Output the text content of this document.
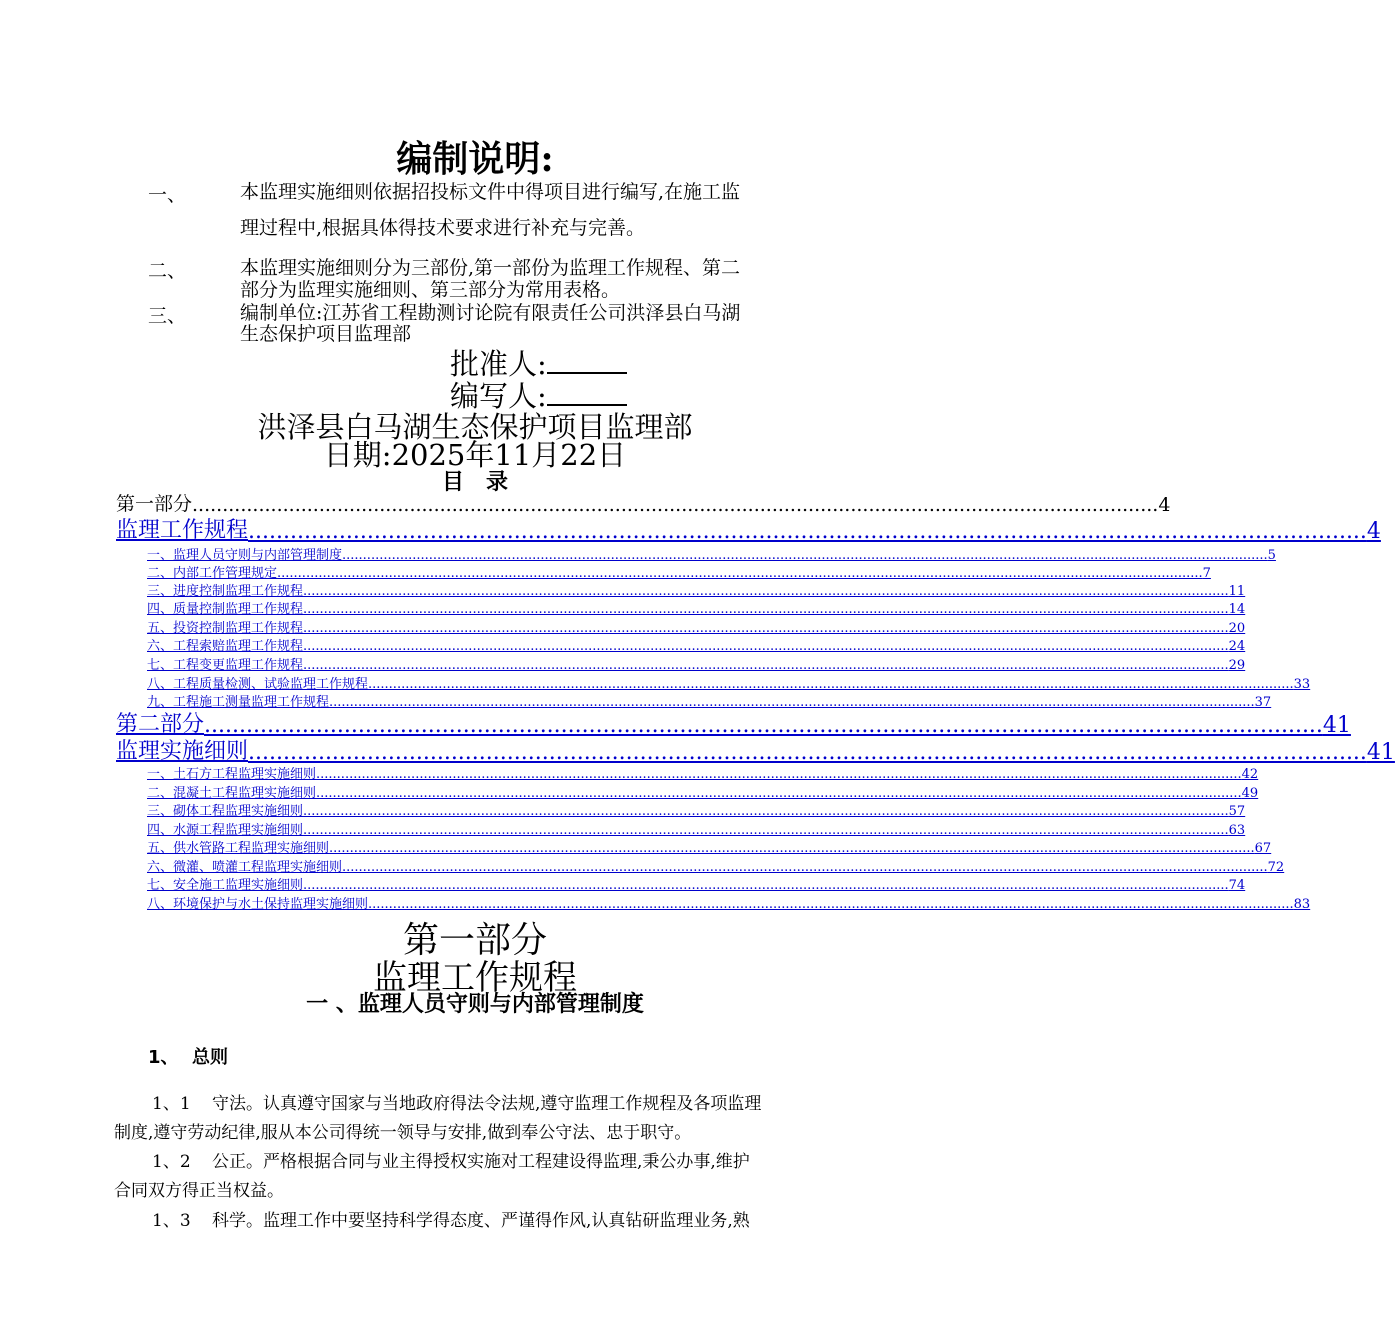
编制说明:
一、	本监理实施细则依据招投标文件中得项目进行编写,在施工监
理过程中,根据具体得技术要求进行补充与完善。
二、	本监理实施细则分为三部份,第一部份为监理工作规程、第二
部分为监理实施细则、第三部分为常用表格。
三、	编制单位:江苏省工程勘测讨论院有限责任公司洪泽县白马湖
生态保护项目监理部
批准人:
编写人:
洪泽县白马湖生态保护项目监理部
日期:2025年11月22日
目　录
第一部分 ................................................................................................................................................................ 4
监理工作规程 ................................................................................................................................................................ 4
一、监理人员守则与内部管理制度 ................................................................................................................................................................................................................................ 5
二、内部工作管理规定 ................................................................................................................................................................................................................................ 7
三、进度控制监理工作规程 ................................................................................................................................................................................................................................ 11
四、质量控制监理工作规程 ................................................................................................................................................................................................................................ 14
五、投资控制监理工作规程 ................................................................................................................................................................................................................................ 20
六、工程索赔监理工作规程 ................................................................................................................................................................................................................................ 24
七、工程变更监理工作规程 ................................................................................................................................................................................................................................ 29
八、工程质量检测、试验监理工作规程 ................................................................................................................................................................................................................................ 33
九、工程施工测量监理工作规程 ................................................................................................................................................................................................................................ 37
第二部分 ................................................................................................................................................................ 41
监理实施细则 ................................................................................................................................................................ 41
一、土石方工程监理实施细则 ................................................................................................................................................................................................................................ 42
二、混凝土工程监理实施细则 ................................................................................................................................................................................................................................ 49
三、砌体工程监理实施细则 ................................................................................................................................................................................................................................ 57
四、水源工程监理实施细则 ................................................................................................................................................................................................................................ 63
五、供水管路工程监理实施细则 ................................................................................................................................................................................................................................ 67
六、微灌、喷灌工程监理实施细则 ................................................................................................................................................................................................................................ 72
七、安全施工监理实施细则 ................................................................................................................................................................................................................................ 74
八、环境保护与水土保持监理实施细则 ................................................................................................................................................................................................................................ 83
第一部分
监理工作规程
一 、监理人员守则与内部管理制度
1、 总则
1、1 守法。认真遵守国家与当地政府得法令法规,遵守监理工作规程及各项监理
制度,遵守劳动纪律,服从本公司得统一领导与安排,做到奉公守法、忠于职守。
1、2 公正。严格根据合同与业主得授权实施对工程建设得监理,秉公办事,维护
合同双方得正当权益。
1、3 科学。监理工作中要坚持科学得态度、严谨得作风,认真钻研监理业务,熟
